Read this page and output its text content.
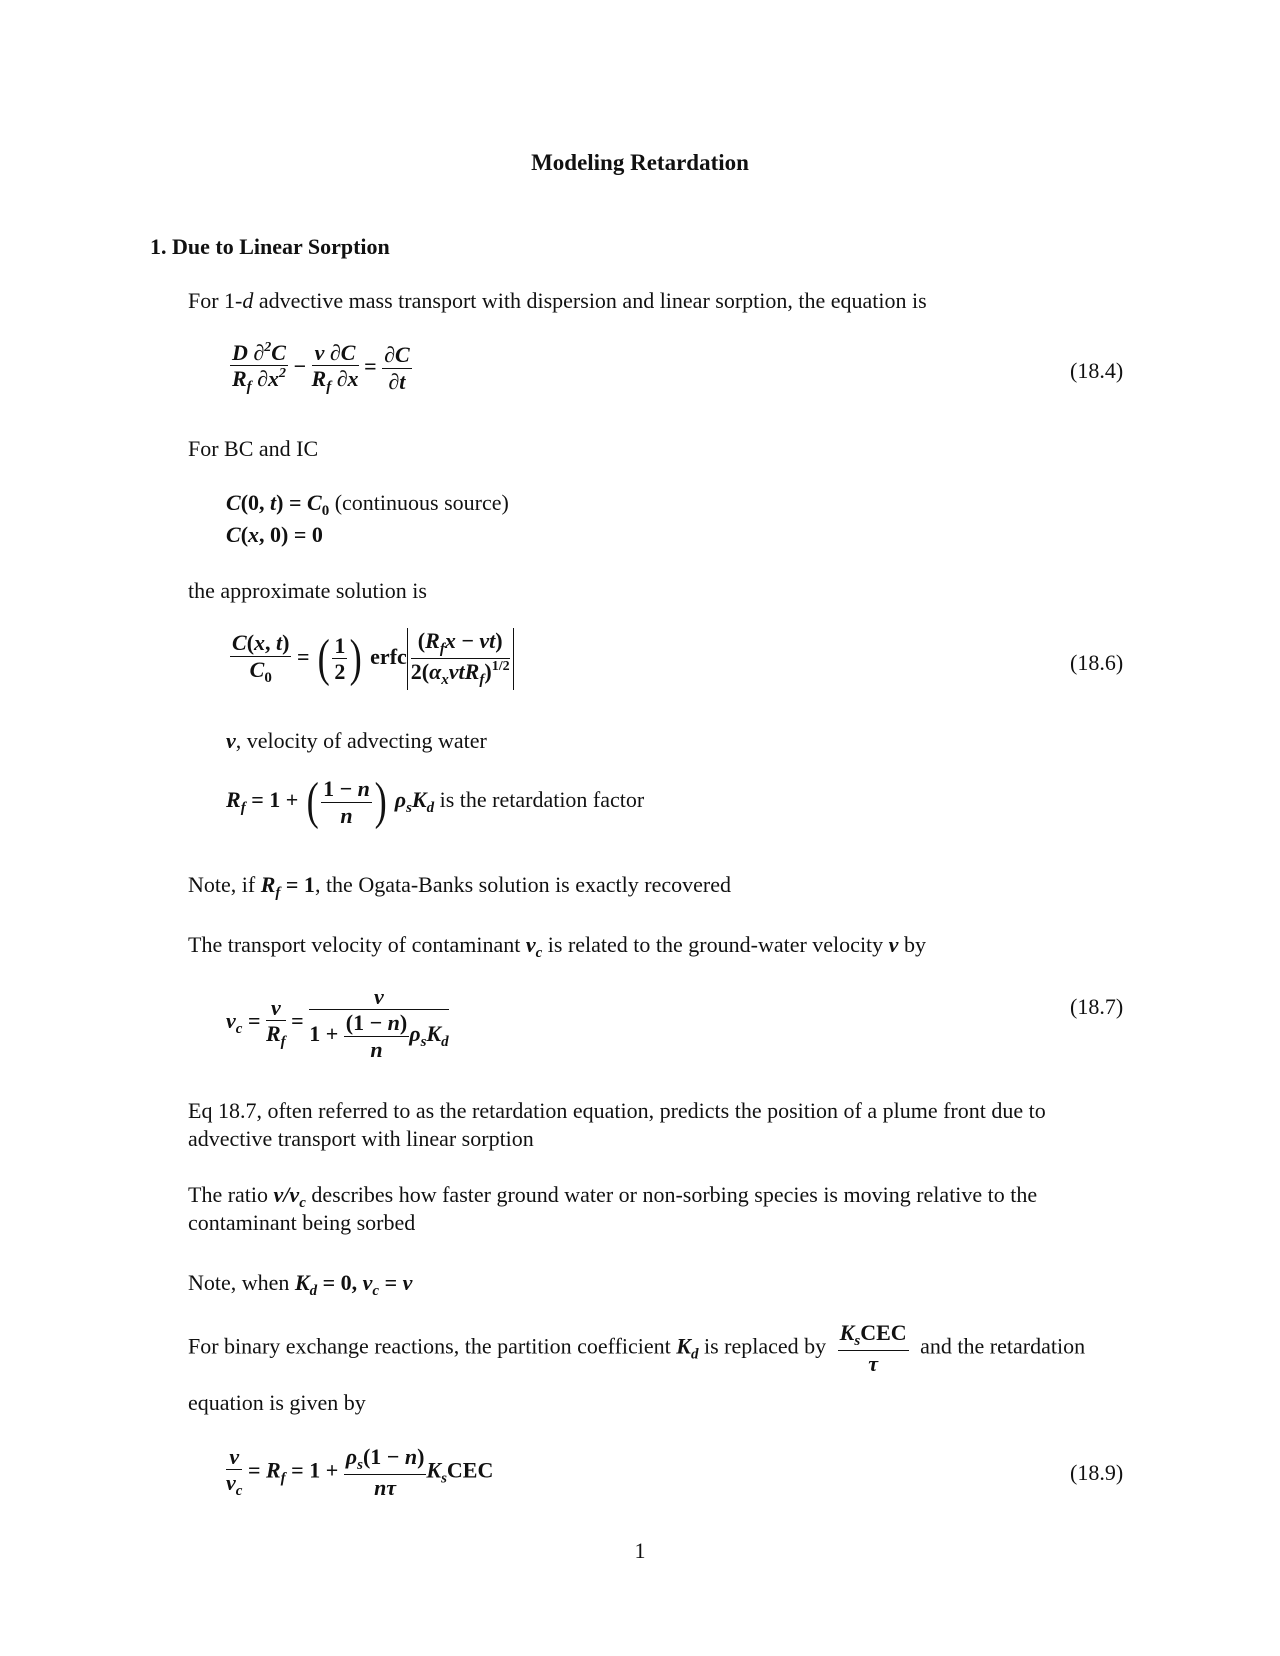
Modeling Retardation
1. Due to Linear Sorption
For 1-d advective mass transport with dispersion and linear sorption, the equation is
$\frac{D \partial^2C}{R_f \partial x^2} - \frac{v \partial C}{R_f \partial x} = \frac{\partial C}{\partial t}$	(18.4)
For BC and IC
C(0, $t) = C_0$ (continuous source)
C(x, 0) = 0
the approximate solution is
$\frac{C(x, t)}{C_0}$ = ( $\frac{1}{2}$ ) erfc $\frac{(R_fx - vt)}{2(\alpha_xvtR_f)^{1/2}}$	(18.6)
v, velocity of advecting water
$R_f = 1$ + ( $\frac{1 - n}{n}$ ) $\rho_sK_d$ is the retardation factor
Note, if $R_f = 1$, the Ogata-Banks solution is exactly recovered
The transport velocity of contaminant $v_c$ is related to the ground-water velocity v by
$v_c = \frac{v}{R_f} = \frac{v}{1 + \frac{(1 - n)}{n} \rho_sK_d}$	(18.7)
Eq 18.7, often referred to as the retardation equation, predicts the position of a plume front due to
advective transport with linear sorption
The ratio $v/v_c$ describes how faster ground water or non-sorbing species is moving relative to the
contaminant being sorbed
Note, when $K_d = 0$, $v_c = v$
For binary exchange reactions, the partition coefficient $K_d$ is replaced by $\frac{K_sCEC}{\tau}$ and the retardation
equation is given by
$\frac{v}{v_c} = R_f = 1 + \frac{\rho_s(1 - n)}{n\tau} K_sCEC$	(18.9)
1
